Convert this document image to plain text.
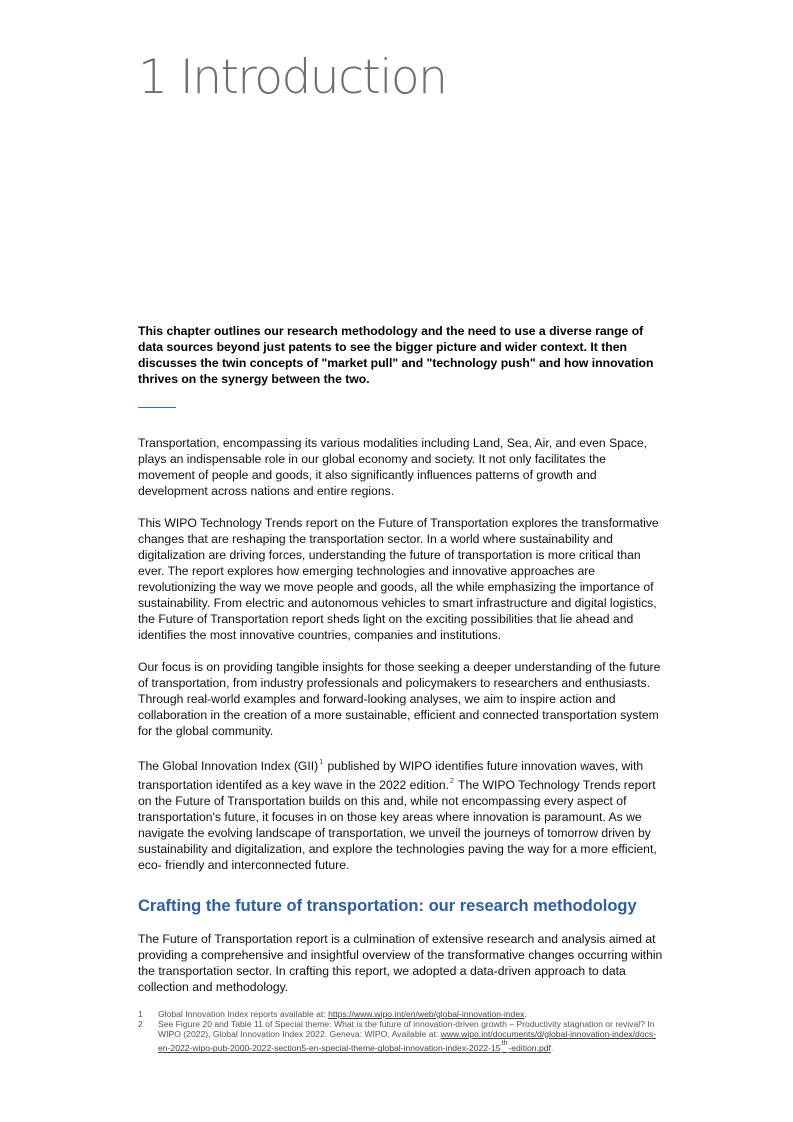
1 Introduction

This chapter outlines our research methodology and the need to use a diverse range of data sources beyond just patents to see the bigger picture and wider context. It then discusses the twin concepts of "market pull" and "technology push" and how innovation thrives on the synergy between the two.

Transportation, encompassing its various modalities including Land, Sea, Air, and even Space, plays an indispensable role in our global economy and society. It not only facilitates the movement of people and goods, it also significantly influences patterns of growth and development across nations and entire regions.

This WIPO Technology Trends report on the Future of Transportation explores the transformative changes that are reshaping the transportation sector. In a world where sustainability and digitalization are driving forces, understanding the future of transportation is more critical than ever. The report explores how emerging technologies and innovative approaches are revolutionizing the way we move people and goods, all the while emphasizing the importance of sustainability. From electric and autonomous vehicles to smart infrastructure and digital logistics, the Future of Transportation report sheds light on the exciting possibilities that lie ahead and identifies the most innovative countries, companies and institutions.

Our focus is on providing tangible insights for those seeking a deeper understanding of the future of transportation, from industry professionals and policymakers to researchers and enthusiasts. Through real-world examples and forward-looking analyses, we aim to inspire action and collaboration in the creation of a more sustainable, efficient and connected transportation system for the global community.

The Global Innovation Index (GII)$^1$ published by WIPO identifies future innovation waves, with transportation identifed as a key wave in the 2022 edition.$^2$ The WIPO Technology Trends report on the Future of Transportation builds on this and, while not encompassing every aspect of transportation's future, it focuses in on those key areas where innovation is paramount. As we navigate the evolving landscape of transportation, we unveil the journeys of tomorrow driven by sustainability and digitalization, and explore the technologies paving the way for a more efficient, eco- friendly and interconnected future.

Crafting the future of transportation: our research methodology

The Future of Transportation report is a culmination of extensive research and analysis aimed at providing a comprehensive and insightful overview of the transformative changes occurring within the transportation sector. In crafting this report, we adopted a data-driven approach to data collection and methodology.

1	Global Innovation Index reports available at: https://www.wipo.int/en/web/global-innovation-index.
2	See Figure 20 and Table 11 of Special theme: What is the future of innovation-driven growth – Productivity stagnation or revival? In WIPO (2022), Global Innovation Index 2022. Geneva: WIPO. Available at: www.wipo.int/documents/d/global-innovation-index/docs-en-2022-wipo-pub-2000-2022-section5-en-special-theme-global-innovation-index-2022-15th-edition.pdf.
